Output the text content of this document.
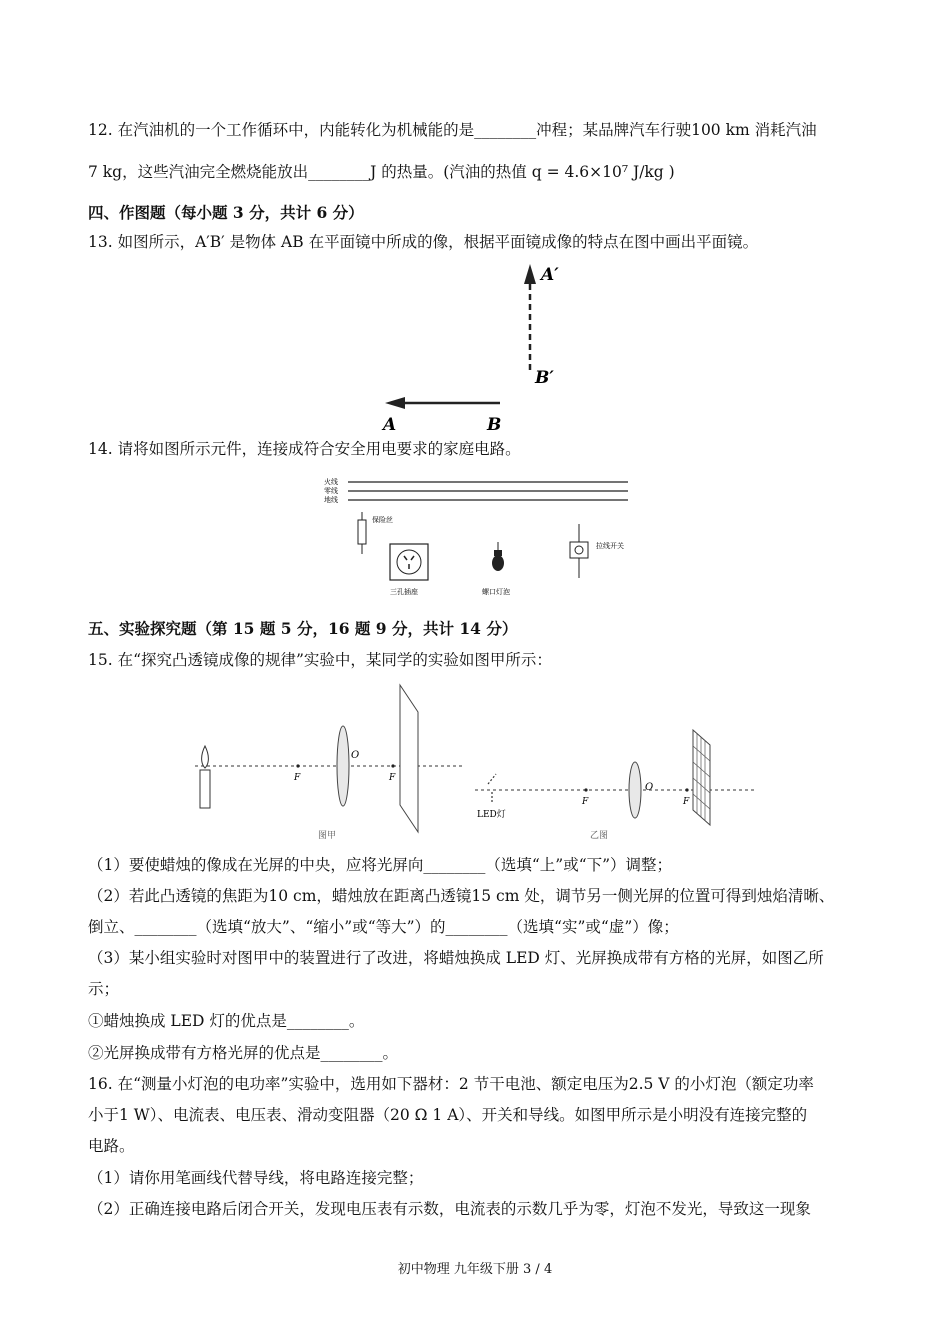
12. 在汽油机的一个工作循环中，内能转化为机械能的是________冲程；某品牌汽车行驶100 km 消耗汽油
7 kg，这些汽油完全燃烧能放出________J 的热量。(汽油的热值 q = 4.6×10⁷ J/kg )
四、作图题（每小题 3 分，共计 6 分）
13. 如图所示，A′B′ 是物体 AB 在平面镜中所成的像，根据平面镜成像的特点在图中画出平面镜。
A′
B′
A	B
14. 请将如图所示元件，连接成符合安全用电要求的家庭电路。
火线
零线
地线
保险丝
三孔插座	螺口灯泡
拉线开关
五、实验探究题（第 15 题 5 分，16 题 9 分，共计 14 分）
15. 在“探究凸透镜成像的规律”实验中，某同学的实验如图甲所示：
F
O
F
图甲
LED灯
F
O
F
乙图
（1）要使蜡烛的像成在光屏的中央，应将光屏向________（选填“上”或“下”）调整；
（2）若此凸透镜的焦距为10 cm，蜡烛放在距离凸透镜15 cm 处，调节另一侧光屏的位置可得到烛焰清晰、
倒立、________（选填“放大”、“缩小”或“等大”）的________（选填“实”或“虚”）像；
（3）某小组实验时对图甲中的装置进行了改进，将蜡烛换成 LED 灯、光屏换成带有方格的光屏，如图乙所
示；
①蜡烛换成 LED 灯的优点是________。
②光屏换成带有方格光屏的优点是________。
16. 在“测量小灯泡的电功率”实验中，选用如下器材：2 节干电池、额定电压为2.5 V 的小灯泡（额定功率
小于1 W）、电流表、电压表、滑动变阻器（20 Ω 1 A）、开关和导线。如图甲所示是小明没有连接完整的
电路。
（1）请你用笔画线代替导线，将电路连接完整；
（2）正确连接电路后闭合开关，发现电压表有示数，电流表的示数几乎为零，灯泡不发光，导致这一现象
初中物理 九年级下册 3 / 4
